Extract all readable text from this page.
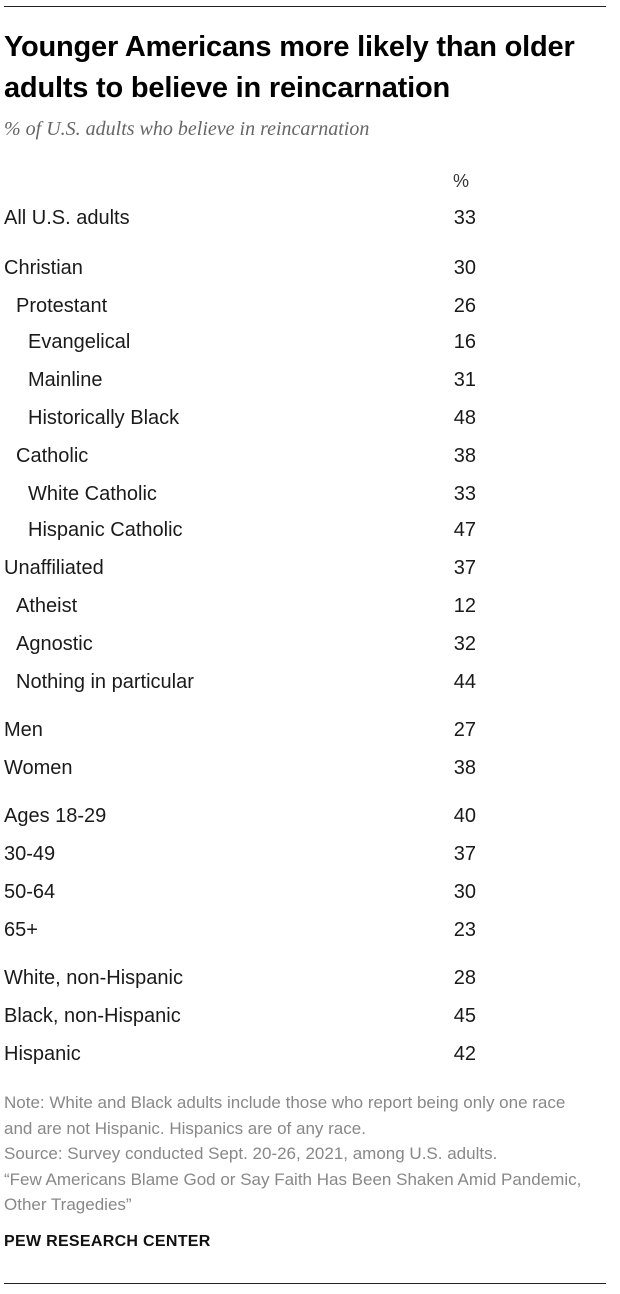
Younger Americans more likely than older adults to believe in reincarnation

% of U.S. adults who believe in reincarnation

%
All U.S. adults	33
Christian	30
Protestant	26
Evangelical	16
Mainline	31
Historically Black	48
Catholic	38
White Catholic	33
Hispanic Catholic	47
Unaffiliated	37
Atheist	12
Agnostic	32
Nothing in particular	44
Men	27
Women	38
Ages 18-29	40
30-49	37
50-64	30
65+	23
White, non-Hispanic	28
Black, non-Hispanic	45
Hispanic	42

Note: White and Black adults include those who report being only one race and are not Hispanic. Hispanics are of any race.

Source: Survey conducted Sept. 20-26, 2021, among U.S. adults.

“Few Americans Blame God or Say Faith Has Been Shaken Amid Pandemic, Other Tragedies”

PEW RESEARCH CENTER
